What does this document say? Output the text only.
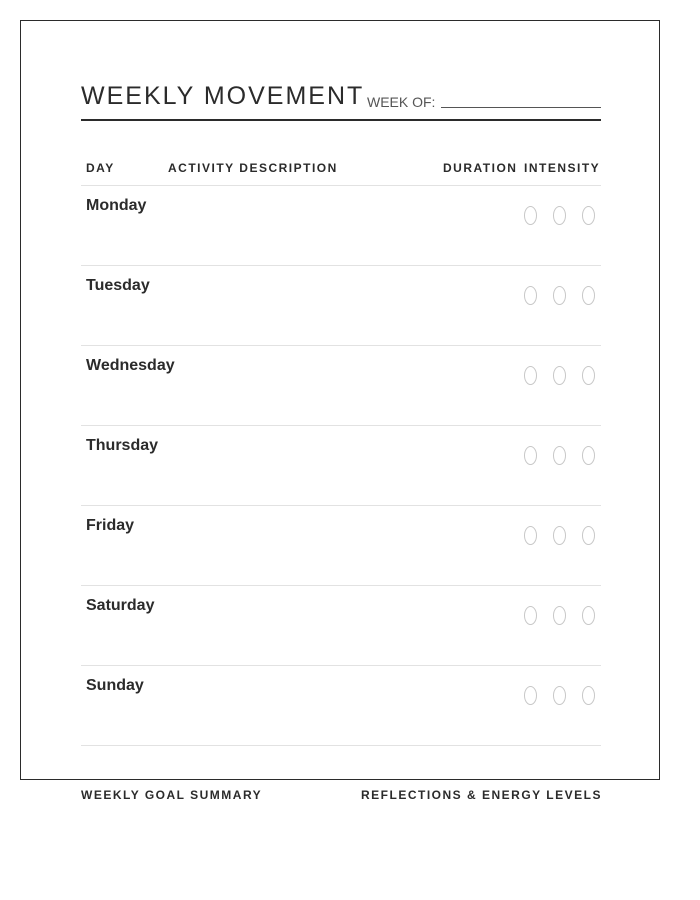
WEEKLY MOVEMENT WEEK OF:
DAY	ACTIVITY DESCRIPTION	DURATION INTENSITY
Monday
Tuesday
Wednesday
Thursday
Friday
Saturday
Sunday
WEEKLY GOAL SUMMARY	REFLECTIONS & ENERGY LEVELS
